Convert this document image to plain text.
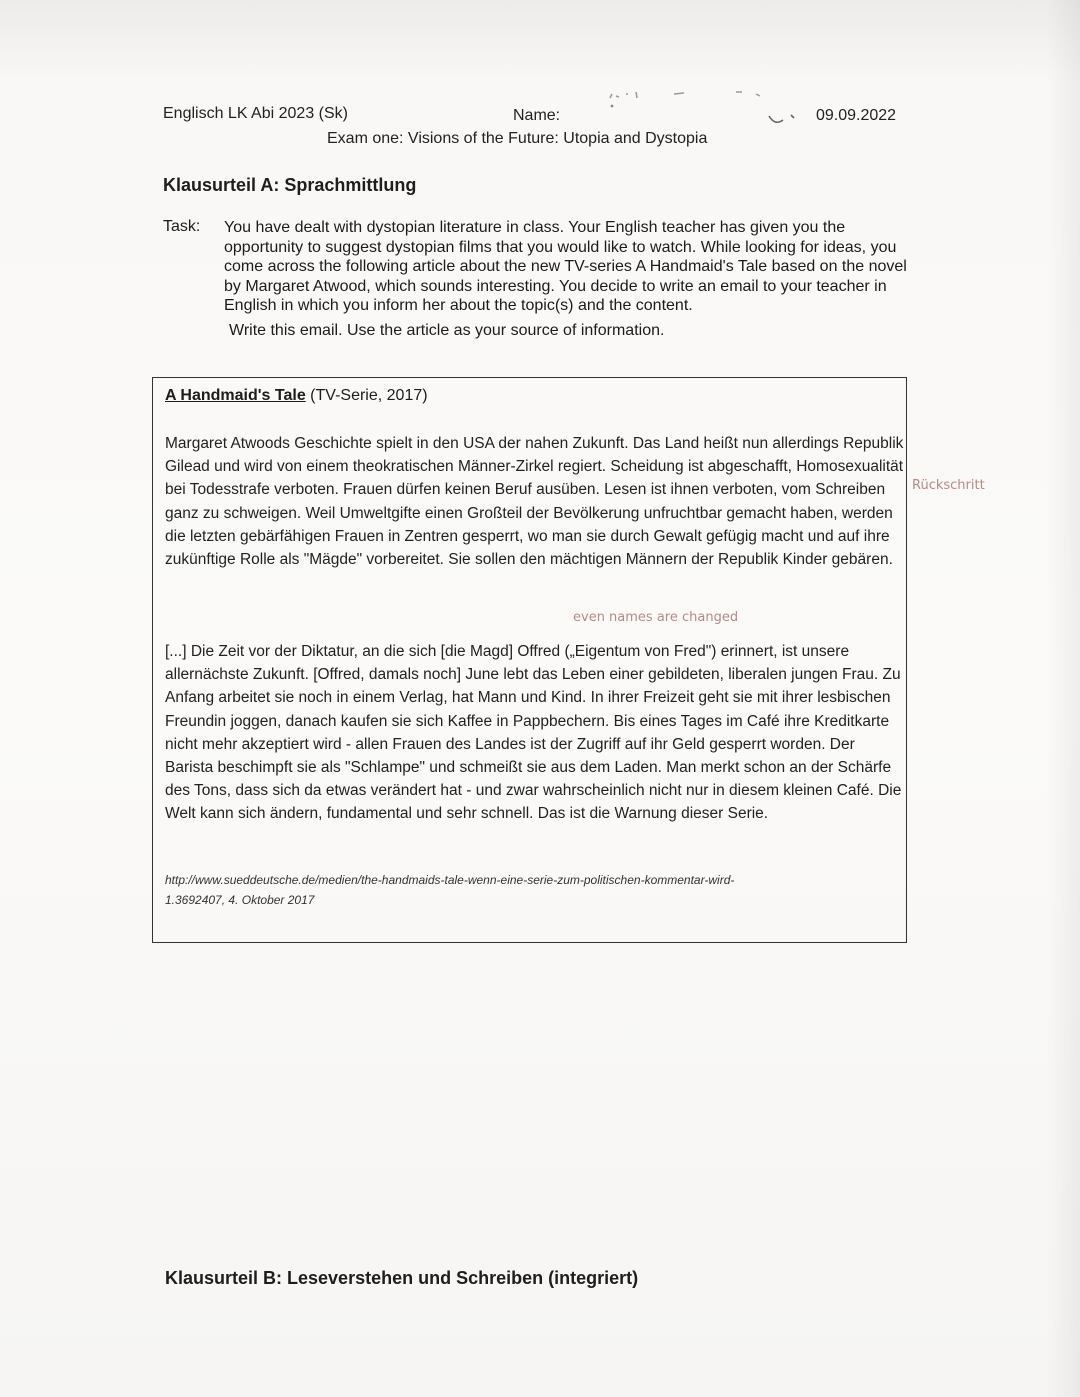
Englisch LK Abi 2023 (Sk)	Name:	09.09.2022
Exam one: Visions of the Future: Utopia and Dystopia
Klausurteil A: Sprachmittlung
Task: You have dealt with dystopian literature in class. Your English teacher has given you the opportunity to suggest dystopian films that you would like to watch. While looking for ideas, you come across the following article about the new TV-series A Handmaid's Tale based on the novel by Margaret Atwood, which sounds interesting. You decide to write an email to your teacher in English in which you inform her about the topic(s) and the content.

Write this email. Use the article as your source of information.

A Handmaid's Tale (TV-Serie, 2017)

Margaret Atwoods Geschichte spielt in den USA der nahen Zukunft. Das Land heißt nun allerdings Republik Gilead und wird von einem theokratischen Männer-Zirkel regiert. Scheidung ist abgeschafft, Homosexualität bei Todesstrafe verboten. Frauen dürfen keinen Beruf ausüben. Lesen ist ihnen verboten, vom Schreiben ganz zu schweigen. Weil Umweltgifte einen Großteil der Bevölkerung unfruchtbar gemacht haben, werden die letzten gebärfähigen Frauen in Zentren gesperrt, wo man sie durch Gewalt gefügig macht und auf ihre zukünftige Rolle als "Mägde" vorbereitet. Sie sollen den mächtigen Männern der Republik Kinder gebären.

even names are changed

[...] Die Zeit vor der Diktatur, an die sich [die Magd] Offred („Eigentum von Fred") erinnert, ist unsere allernächste Zukunft. [Offred, damals noch] June lebt das Leben einer gebildeten, liberalen jungen Frau. Zu Anfang arbeitet sie noch in einem Verlag, hat Mann und Kind. In ihrer Freizeit geht sie mit ihrer lesbischen Freundin joggen, danach kaufen sie sich Kaffee in Pappbechern. Bis eines Tages im Café ihre Kreditkarte nicht mehr akzeptiert wird - allen Frauen des Landes ist der Zugriff auf ihr Geld gesperrt worden. Der Barista beschimpft sie als "Schlampe" und schmeißt sie aus dem Laden. Man merkt schon an der Schärfe des Tons, dass sich da etwas verändert hat - und zwar wahrscheinlich nicht nur in diesem kleinen Café. Die Welt kann sich ändern, fundamental und sehr schnell. Das ist die Warnung dieser Serie.

http://www.sueddeutsche.de/medien/the-handmaids-tale-wenn-eine-serie-zum-politischen-kommentar-wird-
1.3692407, 4. Oktober 2017
Rückschritt
Klausurteil B: Leseverstehen und Schreiben (integriert)
